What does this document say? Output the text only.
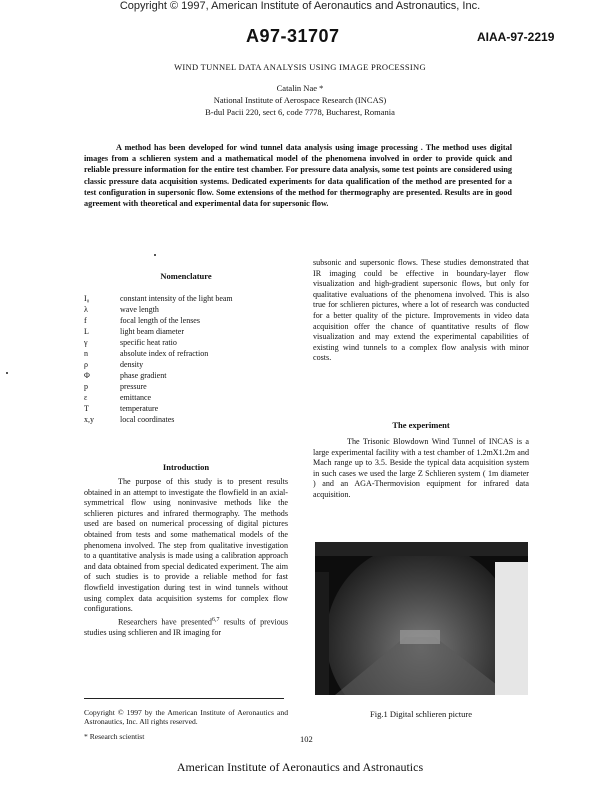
Copyright © 1997, American Institute of Aeronautics and Astronautics, Inc.
A97-31707	AIAA-97-2219
WIND TUNNEL DATA ANALYSIS USING IMAGE PROCESSING
Catalin Nae *
National Institute of Aerospace Research (INCAS)
B-dul Pacii 220, sect 6, code 7778, Bucharest, Romania

A method has been developed for wind tunnel data analysis using image processing . The method uses digital images from a schlieren system and a mathematical model of the phenomena involved in order to provide quick and reliable pressure information for the entire test chamber. For pressure data analysis, some test points are considered using classic pressure data acquisition systems. Dedicated experiments for data qualification of the method are presented for a test configuration in supersonic flow. Some extensions of the method for thermography are presented. Results are in good agreement with theoretical and experimental data for supersonic flow.

Nomenclature
I₀	constant intensity of the light beam
λ	wave length
f	focal length of the lenses
L	light beam diameter
γ	specific heat ratio
n	absolute index of refraction
ρ	density
Φ	phase gradient
p	pressure
ε	emittance
T	temperature
x,y	local coordinates
Introduction

The purpose of this study is to present results obtained in an attempt to investigate the flowfield in an axial-symmetrical flow using noninvasive methods like the schlieren pictures and infrared thermography. The methods used are based on numerical processing of digital pictures obtained from tests and some mathematical models of the phenomena involved. The step from qualitative investigation to a quantitative analysis is made using a calibration approach and data obtained from special dedicated experiment. The aim of such studies is to provide a reliable method for fast flowfield investigation during test in wind tunnels without using complex data acquisition systems for complex flow configurations.

Researchers have presented$^{6,7}$ results of previous studies using schlieren and IR imaging for

Copyright © 1997 by the American Institute of Aeronautics and Astronautics, Inc. All rights reserved.

* Research scientist

subsonic and supersonic flows. These studies demonstrated that IR imaging could be effective in boundary-layer flow visualization and high-gradient supersonic flows, but only for qualitative evaluations of the phenomena involved. This is also true for schlieren pictures, where a lot of research was conducted for a better quality of the picture. Improvements in video data acquisition offer the chance of quantitative results of flow visualization and may extend the experimental capabilities of existing wind tunnels to a complex flow analysis with minor costs.

The experiment

The Trisonic Blowdown Wind Tunnel of INCAS is a large experimental facility with a test chamber of 1.2mX1.2m and Mach range up to 3.5. Beside the typical data acquisition system in such cases we used the large Z Schlieren system ( 1m diameter ) and an AGA-Thermovision equipment for infrared data acquisition.

Fig.1 Digital schlieren picture
102
American Institute of Aeronautics and Astronautics
